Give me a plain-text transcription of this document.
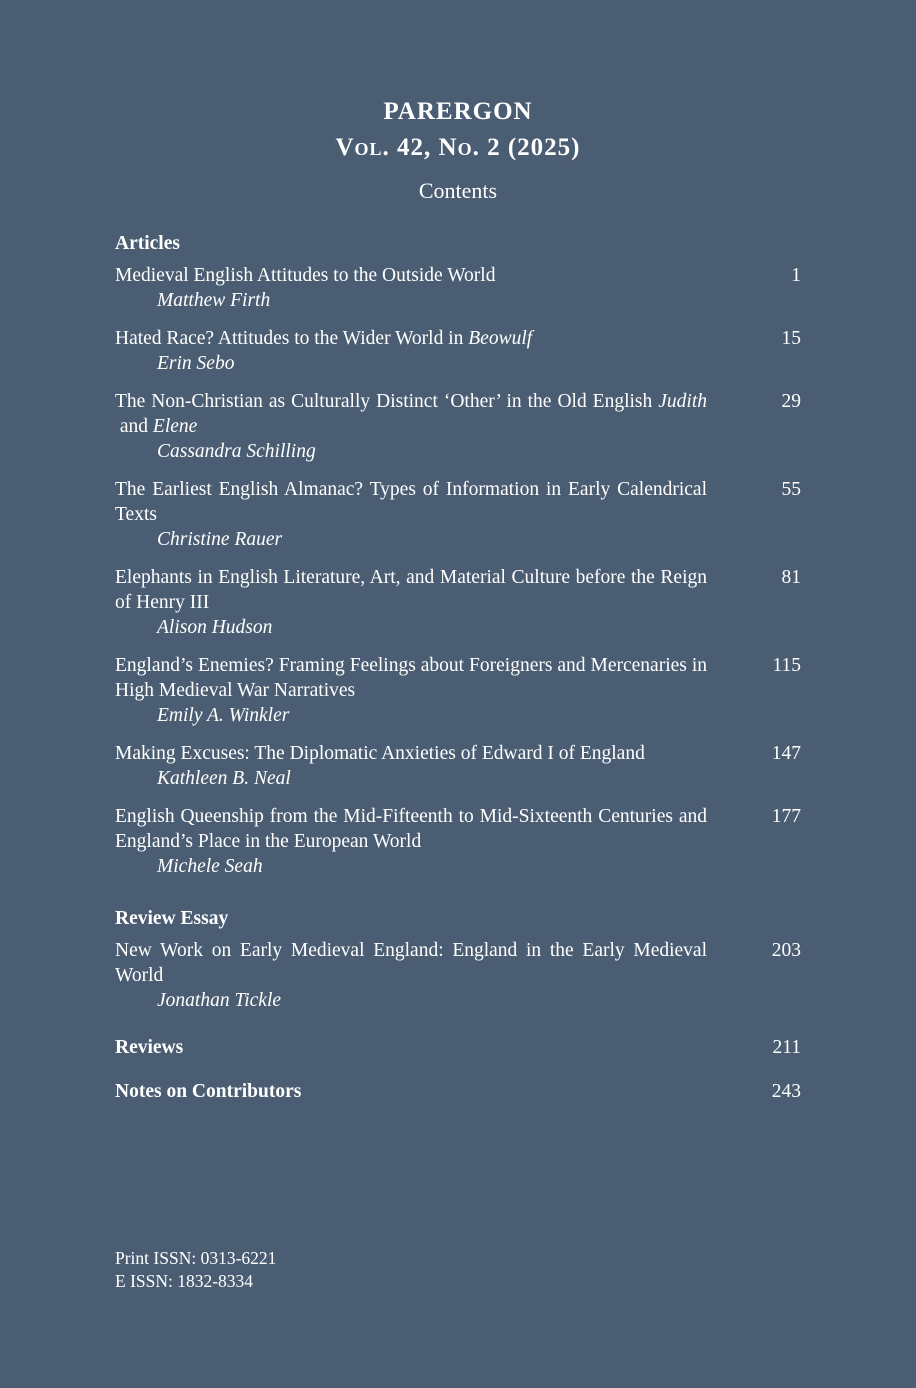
PARERGON
Vol. 42, No. 2 (2025)
Contents
Articles
Medieval English Attitudes to the Outside World
Matthew Firth
1
Hated Race? Attitudes to the Wider World in Beowulf
Erin Sebo
15
The Non-Christian as Culturally Distinct ‘Other’ in the Old English Judith and Elene
Cassandra Schilling
29
The Earliest English Almanac? Types of Information in Early Calendrical Texts
Christine Rauer
55
Elephants in English Literature, Art, and Material Culture before the Reign of Henry III
Alison Hudson
81
England’s Enemies? Framing Feelings about Foreigners and Mercenaries in High Medieval War Narratives
Emily A. Winkler
115
Making Excuses: The Diplomatic Anxieties of Edward I of England
Kathleen B. Neal
147
English Queenship from the Mid-Fifteenth to Mid-Sixteenth Centuries and England’s Place in the European World
Michele Seah
177
Review Essay
New Work on Early Medieval England: England in the Early Medieval World
Jonathan Tickle
203
Reviews	211
Notes on Contributors	243
Print ISSN: 0313-6221
E ISSN: 1832-8334
